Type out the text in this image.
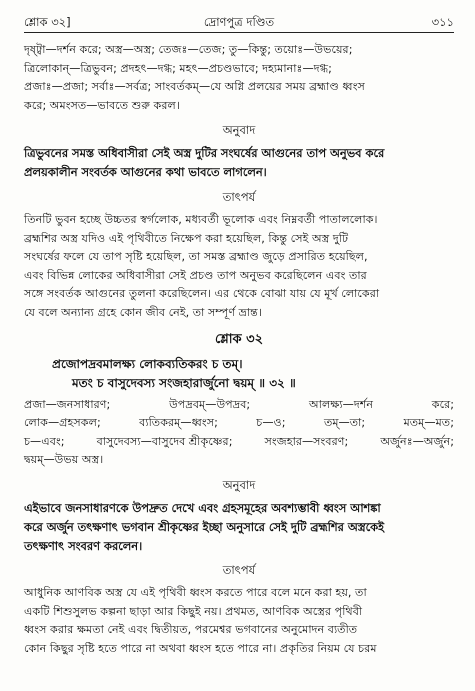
শ্লোক ৩২]	দ্রোণপুত্র দণ্ডিত	৩১১
দৃষ্ট্বা—দর্শন করে; অস্ত্র—অস্ত্র; তেজঃ—তেজ; তু—কিন্তু; তয়োঃ—উভয়ের;
ত্রিলোকান্‌—ত্রিভুবন; প্রদহৎ—দগ্ধ; মহৎ—প্রচণ্ডভাবে; দহ্যমানাঃ—দগ্ধ;
প্রজাঃ—প্রজা; সর্বাঃ—সর্বত্র; সাংবর্তকম্‌—যে অগ্নি প্রলয়ের সময় ব্রহ্মাণ্ড ধ্বংস
করে; অমংসত—ভাবতে শুরু করল।
অনুবাদ
ত্রিভুবনের সমস্ত অধিবাসীরা সেই অস্ত্র দুটির সংঘর্ষের আগুনের তাপ অনুভব করে
প্রলয়কালীন সংবর্তক আগুনের কথা ভাবতে লাগলেন।
তাৎপর্য
তিনটি ভুবন হচ্ছে উচ্চতর স্বর্গলোক, মধ্যবর্তী ভূলোক এবং নিম্নবর্তী পাতাললোক।
ব্রহ্মশির অস্ত্র যদিও এই পৃথিবীতে নিক্ষেপ করা হয়েছিল, কিন্তু সেই অস্ত্র দুটি
সংঘর্ষের ফলে যে তাপ সৃষ্টি হয়েছিল, তা সমস্ত ব্রহ্মাণ্ড জুড়ে প্রসারিত হয়েছিল,
এবং বিভিন্ন লোকের অধিবাসীরা সেই প্রচণ্ড তাপ অনুভব করেছিলেন এবং তার
সঙ্গে সংবর্তক আগুনের তুলনা করেছিলেন। এর থেকে বোঝা যায় যে মূর্খ লোকেরা
যে বলে অন্যান্য গ্রহে কোন জীব নেই, তা সম্পূর্ণ ভ্রান্ত।
শ্লোক ৩২
প্রজোপদ্রবমালক্ষ্য লোকব্যতিকরং চ তম্‌।
মতং চ বাসুদেবস্য সংজহারার্জুনো দ্বয়ম্‌ ॥ ৩২ ॥
প্রজা—জনসাধারণ;	উপদ্রবম্‌—উপদ্রব;	আলক্ষ্য—দর্শন	করে;
লোক—গ্রহসকল;	ব্যতিকরম্‌—ধ্বংস;	চ—ও;	তম্‌—তা;	মতম্‌—মত;
চ—এবং;	বাসুদেবস্য—বাসুদেব শ্রীকৃষ্ণের;	সংজহার—সংবরণ;	অর্জুনঃ—অর্জুন;
দ্বয়ম্‌—উভয় অস্ত্র।
অনুবাদ
এইভাবে জনসাধারণকে উপদ্রুত দেখে এবং গ্রহসমূহের অবশ্যম্ভাবী ধ্বংস আশঙ্কা
করে অর্জুন তৎক্ষণাৎ ভগবান শ্রীকৃষ্ণের ইচ্ছা অনুসারে সেই দুটি ব্রহ্মশির অস্ত্রকেই
তৎক্ষণাৎ সংবরণ করলেন।
তাৎপর্য
আধুনিক আণবিক অস্ত্র যে এই পৃথিবী ধ্বংস করতে পারে বলে মনে করা হয়, তা
একটি শিশুসুলভ কল্পনা ছাড়া আর কিছুই নয়। প্রথমত, আণবিক অস্ত্রের পৃথিবী
ধ্বংস করার ক্ষমতা নেই এবং দ্বিতীয়ত, পরমেশ্বর ভগবানের অনুমোদন ব্যতীত
কোন কিছুর সৃষ্টি হতে পারে না অথবা ধ্বংস হতে পারে না। প্রকৃতির নিয়ম যে চরম
